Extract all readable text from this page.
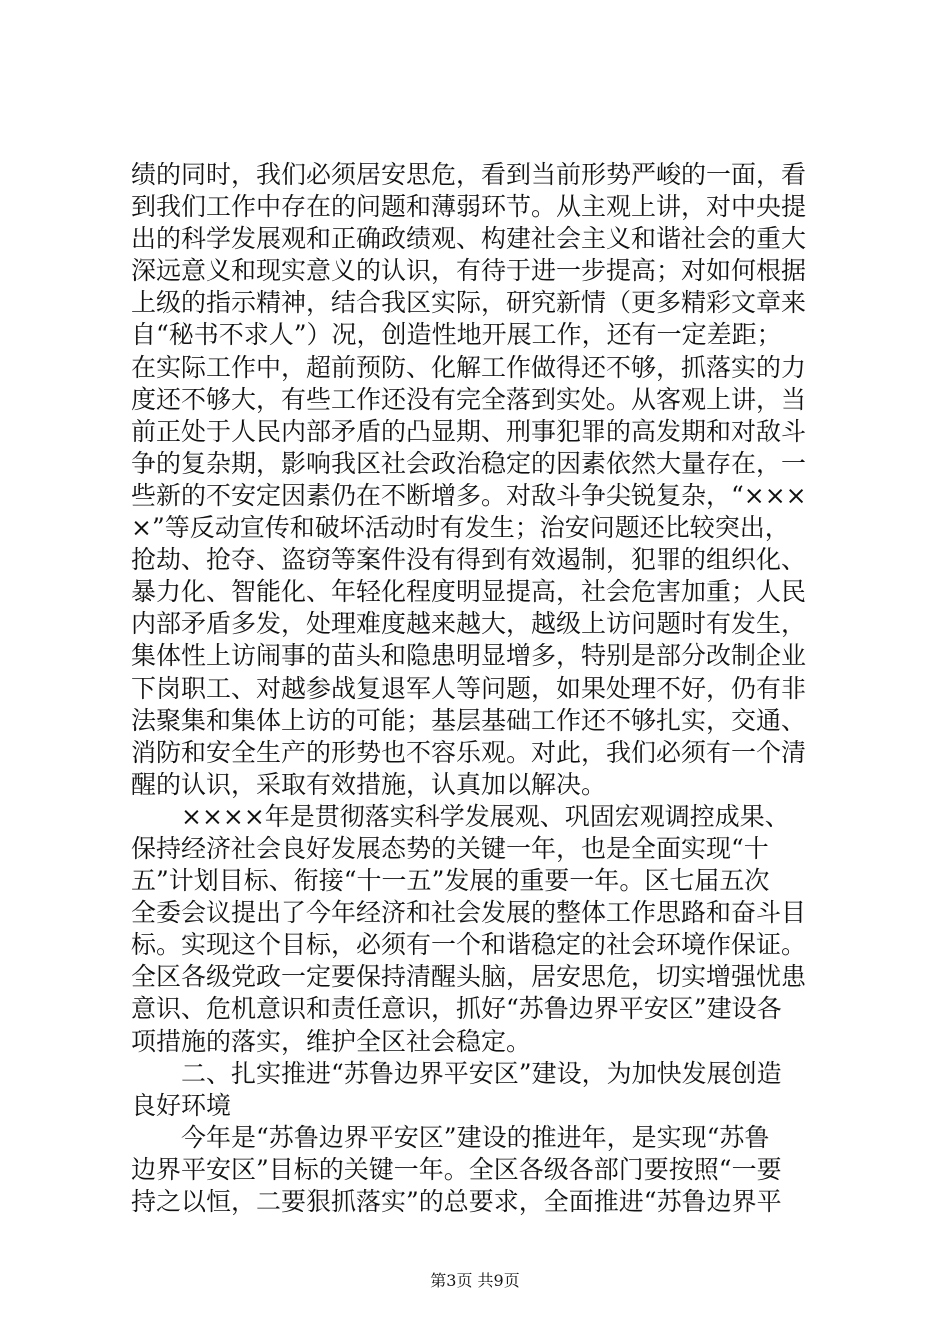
绩的同时，我们必须居安思危，看到当前形势严峻的一面，看
到我们工作中存在的问题和薄弱环节。从主观上讲，对中央提
出的科学发展观和正确政绩观、构建社会主义和谐社会的重大
深远意义和现实意义的认识，有待于进一步提高；对如何根据
上级的指示精神，结合我区实际，研究新情（更多精彩文章来
自“秘书不求人”）况，创造性地开展工作，还有一定差距；
在实际工作中，超前预防、化解工作做得还不够，抓落实的力
度还不够大，有些工作还没有完全落到实处。从客观上讲，当
前正处于人民内部矛盾的凸显期、刑事犯罪的高发期和对敌斗
争的复杂期，影响我区社会政治稳定的因素依然大量存在，一
些新的不安定因素仍在不断增多。对敌斗争尖锐复杂，“×××
×”等反动宣传和破坏活动时有发生；治安问题还比较突出，
抢劫、抢夺、盗窃等案件没有得到有效遏制，犯罪的组织化、
暴力化、智能化、年轻化程度明显提高，社会危害加重；人民
内部矛盾多发，处理难度越来越大，越级上访问题时有发生，
集体性上访闹事的苗头和隐患明显增多，特别是部分改制企业
下岗职工、对越参战复退军人等问题，如果处理不好，仍有非
法聚集和集体上访的可能；基层基础工作还不够扎实，交通、
消防和安全生产的形势也不容乐观。对此，我们必须有一个清
醒的认识，采取有效措施，认真加以解决。
　　××××年是贯彻落实科学发展观、巩固宏观调控成果、
保持经济社会良好发展态势的关键一年，也是全面实现“十
五”计划目标、衔接“十一五”发展的重要一年。区七届五次
全委会议提出了今年经济和社会发展的整体工作思路和奋斗目
标。实现这个目标，必须有一个和谐稳定的社会环境作保证。
全区各级党政一定要保持清醒头脑，居安思危，切实增强忧患
意识、危机意识和责任意识，抓好“苏鲁边界平安区”建设各
项措施的落实，维护全区社会稳定。
　　二、扎实推进“苏鲁边界平安区”建设，为加快发展创造
良好环境
　　今年是“苏鲁边界平安区”建设的推进年，是实现“苏鲁
边界平安区”目标的关键一年。全区各级各部门要按照“一要
持之以恒，二要狠抓落实”的总要求，全面推进“苏鲁边界平
第3页 共9页
